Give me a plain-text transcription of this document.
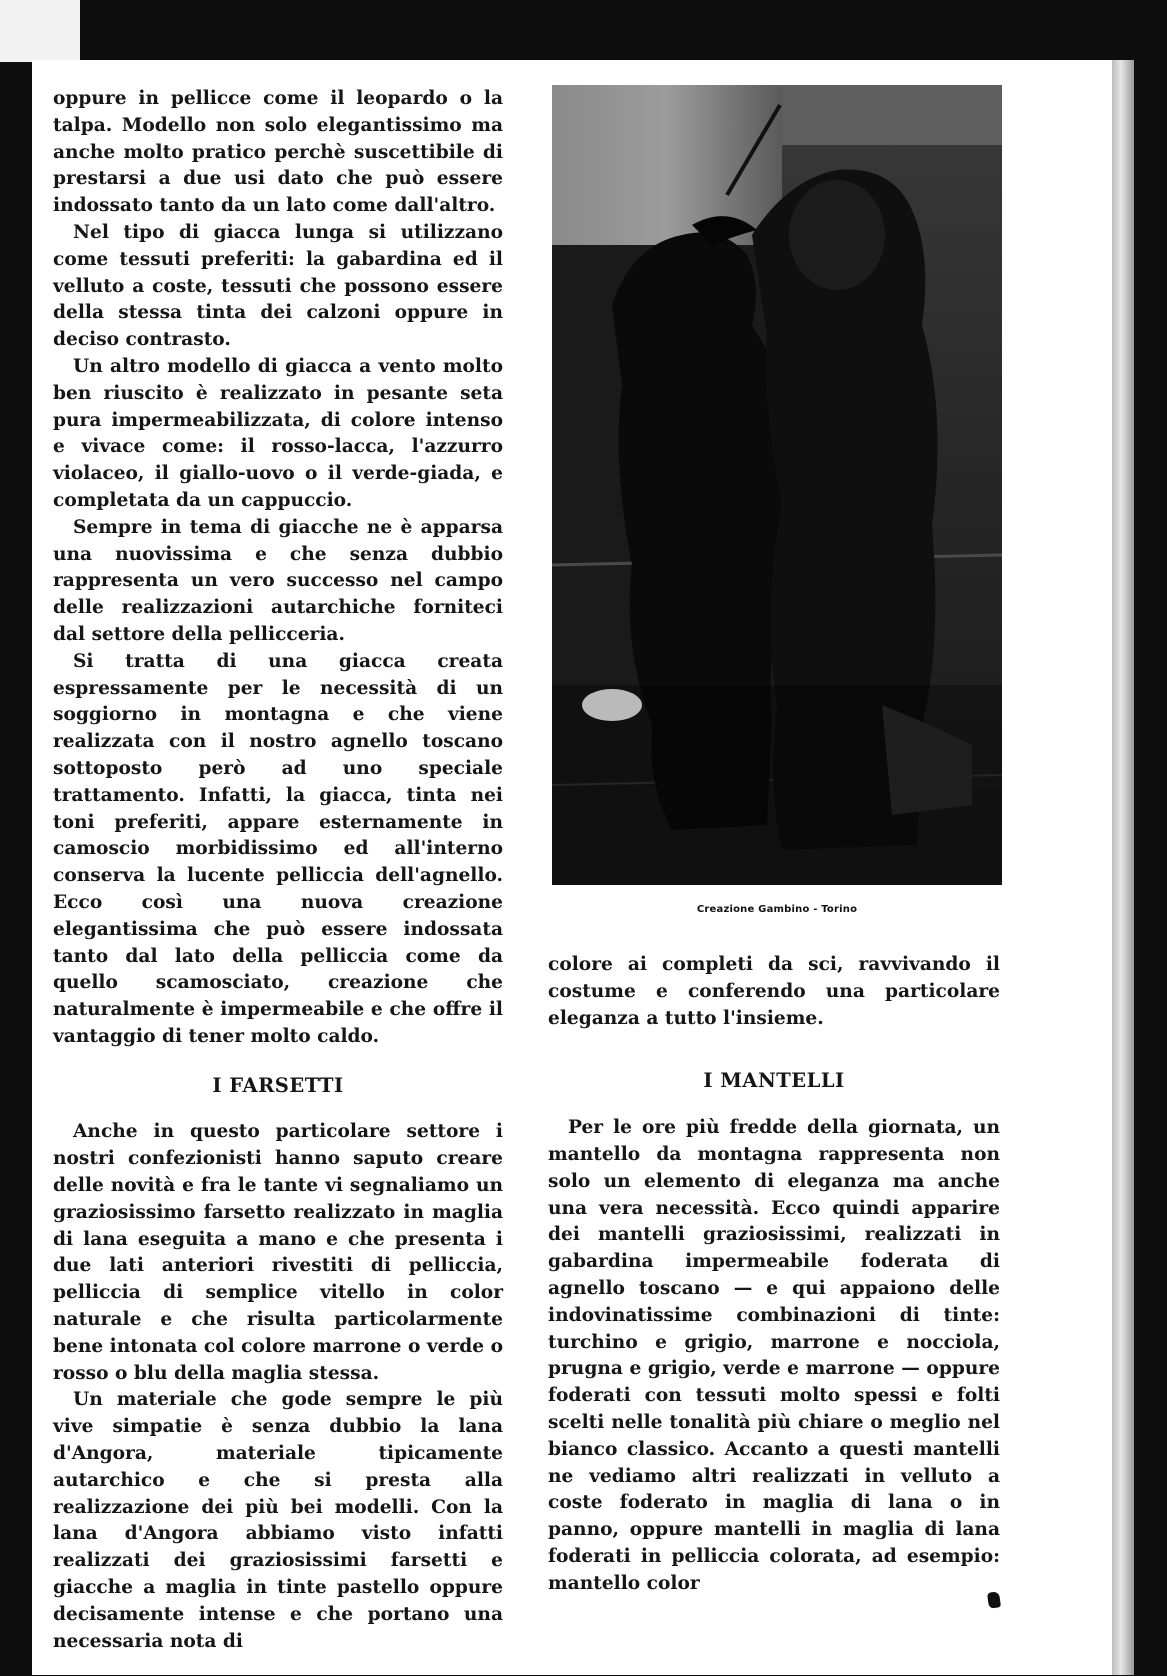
oppure in pellicce come il leopardo o la talpa. Modello non solo elegantissimo ma anche molto pratico perchè suscettibile di prestarsi a due usi dato che può essere indossato tanto da un lato come dall'altro.

Nel tipo di giacca lunga si utilizzano come tessuti preferiti: la gabardina ed il velluto a coste, tessuti che possono essere della stessa tinta dei calzoni oppure in deciso contrasto.

Un altro modello di giacca a vento molto ben riuscito è realizzato in pesante seta pura impermeabilizzata, di colore intenso e vivace come: il rosso-lacca, l'azzurro violaceo, il giallo-uovo o il verde-giada, e completata da un cappuccio.

Sempre in tema di giacche ne è apparsa una nuovissima e che senza dubbio rappresenta un vero successo nel campo delle realizzazioni autarchiche forniteci dal settore della pellicceria.

Si tratta di una giacca creata espressamente per le necessità di un soggiorno in montagna e che viene realizzata con il nostro agnello toscano sottoposto però ad uno speciale trattamento. Infatti, la giacca, tinta nei toni preferiti, appare esternamente in camoscio morbidissimo ed all'interno conserva la lucente pelliccia dell'agnello. Ecco così una nuova creazione elegantissima che può essere indossata tanto dal lato della pelliccia come da quello scamosciato, creazione che naturalmente è impermeabile e che offre il vantaggio di tener molto caldo.

I FARSETTI

Anche in questo particolare settore i nostri confezionisti hanno saputo creare delle novità e fra le tante vi segnaliamo un graziosissimo farsetto realizzato in maglia di lana eseguita a mano e che presenta i due lati anteriori rivestiti di pelliccia, pelliccia di semplice vitello in color naturale e che risulta particolarmente bene intonata col colore marrone o verde o rosso o blu della maglia stessa.

Un materiale che gode sempre le più vive simpatie è senza dubbio la lana d'Angora, materiale tipicamente autarchico e che si presta alla realizzazione dei più bei modelli. Con la lana d'Angora abbiamo visto infatti realizzati dei graziosissimi farsetti e giacche a maglia in tinte pastello oppure decisamente intense e che portano una necessaria nota di

Creazione Gambino - Torino

colore ai completi da sci, ravvivando il costume e conferendo una particolare eleganza a tutto l'insieme.

I MANTELLI

Per le ore più fredde della giornata, un mantello da montagna rappresenta non solo un elemento di eleganza ma anche una vera necessità. Ecco quindi apparire dei mantelli graziosissimi, realizzati in gabardina impermeabile foderata di agnello toscano — e qui appaiono delle indovinatissime combinazioni di tinte: turchino e grigio, marrone e nocciola, prugna e grigio, verde e marrone — oppure foderati con tessuti molto spessi e folti scelti nelle tonalità più chiare o meglio nel bianco classico. Accanto a questi mantelli ne vediamo altri realizzati in velluto a coste foderato in maglia di lana o in panno, oppure mantelli in maglia di lana foderati in pelliccia colorata, ad esempio: mantello color
